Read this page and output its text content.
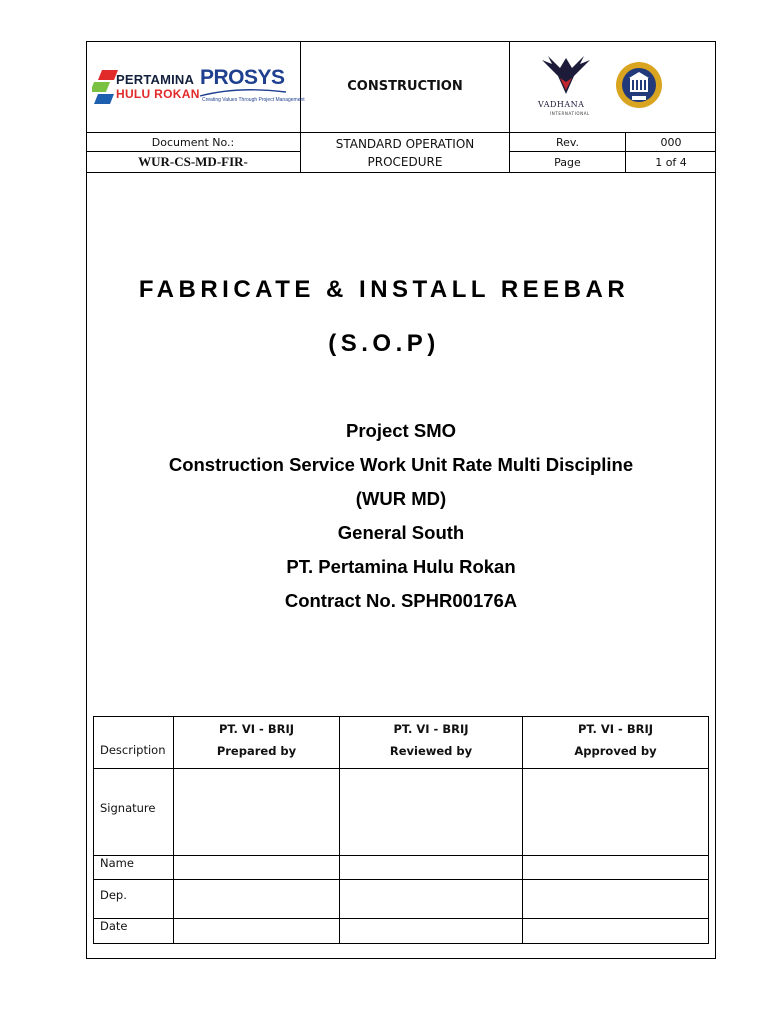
PERTAMINA
HULU ROKAN
PROSYS
Creating Values Through Project Management
CONSTRUCTION
VADHANA
INTERNATIONAL
Document No.:
WUR-CS-MD-FIR-
STANDARD OPERATION
PROCEDURE
Rev.	000
Page	1 of 4
FABRICATE & INSTALL REEBAR
(S.O.P)
Project SMO
Construction Service Work Unit Rate Multi Discipline
(WUR MD)
General South
PT. Pertamina Hulu Rokan
Contract No. SPHR00176A
Description
Signature
Name
Dep.
Date
PT. VI - BRIJ
Prepared by
PT. VI - BRIJ
Reviewed by
PT. VI - BRIJ
Approved by
